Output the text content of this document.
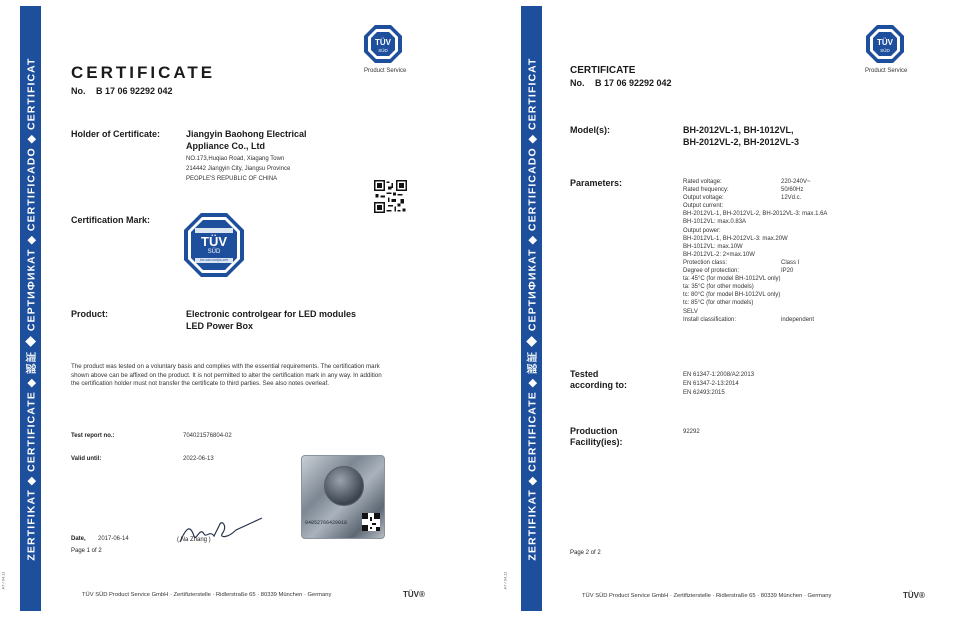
ZERTIFIKAT ◆ CERTIFICATE ◆ 認証 ◆ СЕРТИФИКАТ ◆ CERTIFICADO ◆ CERTIFICAT
A7 / 04.11
TÜV
SÜD
Product Service
CERTIFICATE
No. B 17 06 92292 042
Holder of Certificate:	Jiangyin Baohong Electrical
Appliance Co., Ltd
NO.173,Huqiao Road, Xiagang Town
214442 Jiangyin City, Jiangsu Province
PEOPLE'S REPUBLIC OF CHINA
Certification Mark:
TÜV
SÜD
tuv-sud.com/ps-cert
Product:	Electronic controlgear for LED modules
LED Power Box
The product was tested on a voluntary basis and complies with the essential requirements. The certification mark shown above can be affixed on the product. It is not permitted to alter the certification mark in any way. In addition the certification holder must not transfer the certificate to third parties. See also notes overleaf.
Test report no.:	704021576804-02
Valid until:	2022-06-13
04052766420018
Date, 2017-06-14	( Na Zhang )
Page 1 of 2
TÜV SÜD Product Service GmbH · Zertifizierstelle · Ridlerstraße 65 · 80339 München · Germany	TÜV®
ZERTIFIKAT ◆ CERTIFICATE ◆ 認証 ◆ СЕРТИФИКАТ ◆ CERTIFICADO ◆ CERTIFICAT
A7 / 04.11
TÜV
SÜD
Product Service
CERTIFICATE
No. B 17 06 92292 042
Model(s):	BH-2012VL-1, BH-1012VL,
BH-2012VL-2, BH-2012VL-3
Parameters:	Rated voltage:	220-240V~
Rated frequency:	50/60Hz
Output voltage:	12Vd.c.
Output current:
BH-2012VL-1, BH-2012VL-2, BH-2012VL-3: max.1.6A
BH-1012VL: max.0.83A
Output power:
BH-2012VL-1, BH-2012VL-3: max.20W
BH-1012VL: max.10W
BH-2012VL-2: 2×max.10W
Protection class:	Class I
Degree of protection:	IP20
ta: 45°C (for model BH-1012VL only)
ta: 35°C (for other models)
tc: 80°C (for model BH-1012VL only)
tc: 85°C (for other models)
SELV
Install classification:	independent
Tested
according to:
EN 61347-1:2008/A2:2013
EN 61347-2-13:2014
EN 62493:2015
Production
Facility(ies):
92292
Page 2 of 2
TÜV SÜD Product Service GmbH · Zertifizierstelle · Ridlerstraße 65 · 80339 München · Germany	TÜV®
